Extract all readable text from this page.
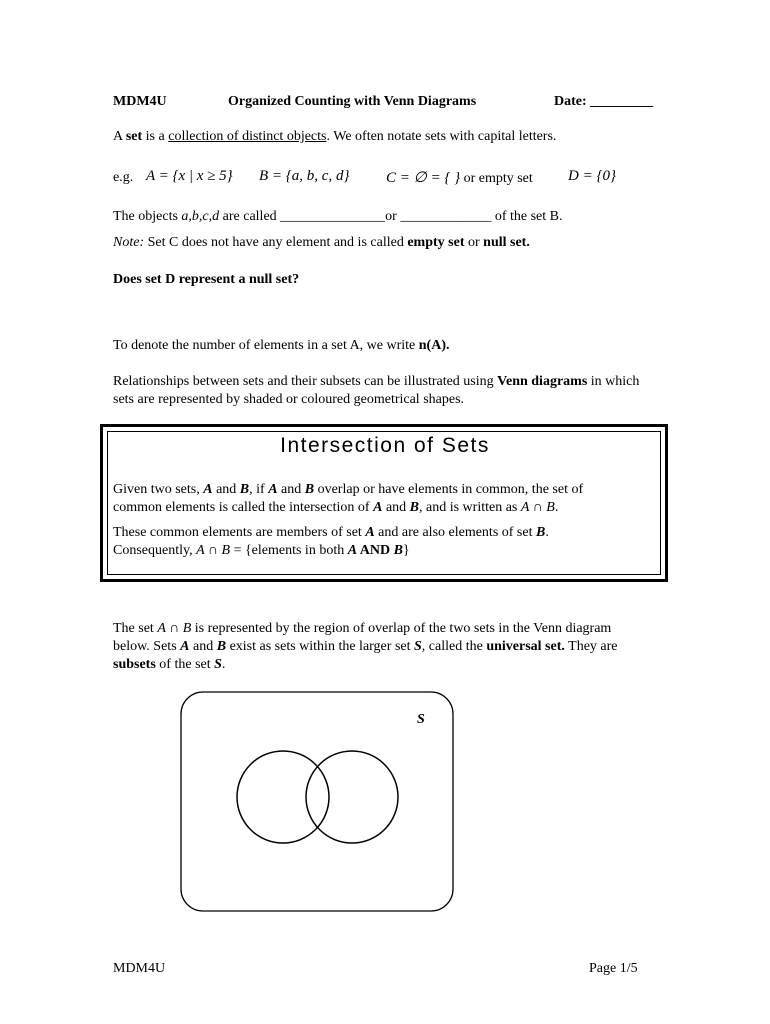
MDM4U	Organized Counting with Venn Diagrams	Date: _________
A set is a collection of distinct objects. We often notate sets with capital letters.
e.g. A = {x | x ≥ 5} B = {a, b, c, d} C = ∅ = { } or empty set D = {0}
The objects a,b,c,d are called _______________or _____________ of the set B.
Note: Set C does not have any element and is called empty set or null set.
Does set D represent a null set?
To denote the number of elements in a set A, we write n(A).
Relationships between sets and their subsets can be illustrated using Venn diagrams in which sets are represented by shaded or coloured geometrical shapes.
Intersection of Sets
Given two sets, A and B, if A and B overlap or have elements in common, the set of common elements is called the intersection of A and B, and is written as A ∩ B.
These common elements are members of set A and are also elements of set B.
Consequently, A ∩ B = {elements in both A AND B}
The set A ∩ B is represented by the region of overlap of the two sets in the Venn diagram below. Sets A and B exist as sets within the larger set S, called the universal set. They are subsets of the set S.
S
MDM4U	Page 1/5
